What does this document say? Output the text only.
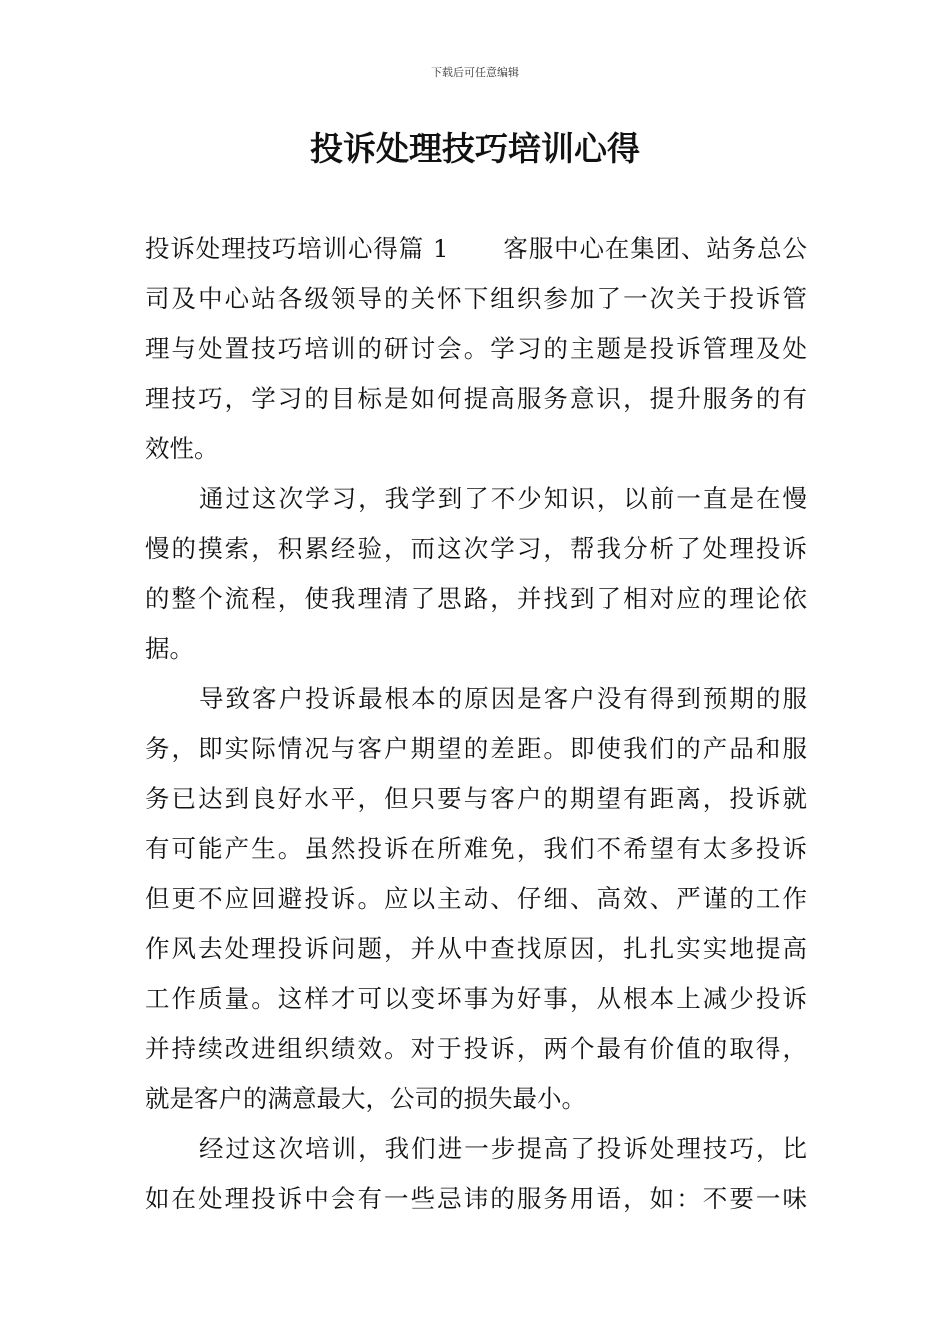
下载后可任意编辑
投诉处理技巧培训心得
投诉处理技巧培训心得篇 1 客服中心在集团、站务总公
司及中心站各级领导的关怀下组织参加了一次关于投诉管
理与处置技巧培训的研讨会。学习的主题是投诉管理及处
理技巧，学习的目标是如何提高服务意识，提升服务的有
效性。
通过这次学习，我学到了不少知识，以前一直是在慢
慢的摸索，积累经验，而这次学习，帮我分析了处理投诉
的整个流程，使我理清了思路，并找到了相对应的理论依
据。
导致客户投诉最根本的原因是客户没有得到预期的服
务，即实际情况与客户期望的差距。即使我们的产品和服
务已达到良好水平，但只要与客户的期望有距离，投诉就
有可能产生。虽然投诉在所难免，我们不希望有太多投诉
但更不应回避投诉。应以主动、仔细、高效、严谨的工作
作风去处理投诉问题，并从中查找原因，扎扎实实地提高
工作质量。这样才可以变坏事为好事，从根本上减少投诉
并持续改进组织绩效。对于投诉，两个最有价值的取得，
就是客户的满意最大，公司的损失最小。
经过这次培训，我们进一步提高了投诉处理技巧，比
如在处理投诉中会有一些忌讳的服务用语，如：不要一味
